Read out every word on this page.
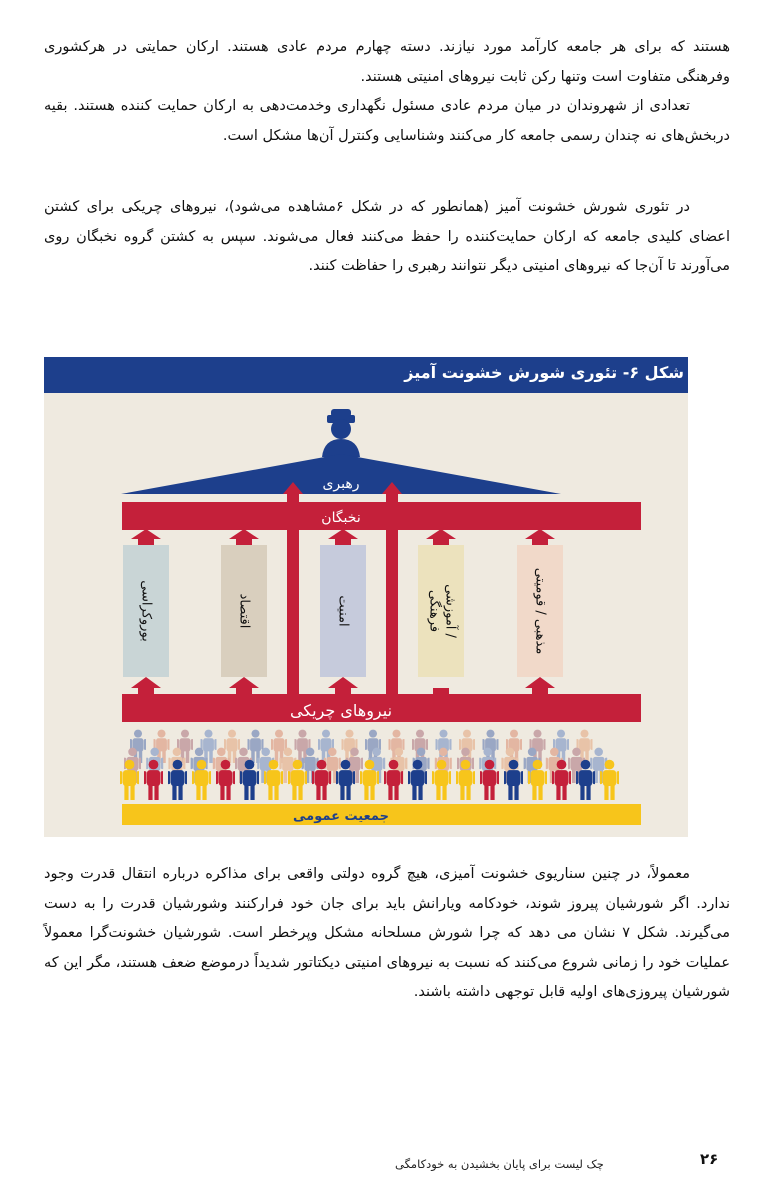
هستند که برای هر جامعه کارآمد مورد نیازند. دسته چهارم مردم عادی هستند. ارکان حمایتی در هرکشوری وفرهنگی متفاوت است وتنها رکن ثابت نیروهای امنیتی هستند.

تعدادی از شهروندان در میان مردم عادی مسئول نگهداری وخدمت‌دهی به ارکان حمایت کننده هستند. بقیه دربخش‌های نه چندان رسمی جامعه کار می‌کنند وشناسایی وکنترل آن‌ها مشکل است.

در تئوری شورش خشونت آمیز (همانطور که در شکل ۶مشاهده می‌شود)، نیروهای چریکی برای کشتن اعضای کلیدی جامعه که ارکان حمایت‌کننده را حفظ می‌کنند فعال می‌شوند. سپس به کشتن گروه نخبگان روی می‌آورند تا آن‌جا که نیروهای امنیتی دیگر نتوانند رهبری را حفاظت کنند.

شکل ۶- تئوری شورش خشونت آمیز
رهبری
نخبگان
نیروهای چریکی
بوروکراسی	اقتصاد	امنیت	فرهنگی آموزشی /	مذهبی / قومیتی
جمعیت عمومی

معمولاً، در چنین سناریوی خشونت آمیزی، هیچ گروه دولتی واقعی برای مذاکره درباره انتقال قدرت وجود ندارد. اگر شورشیان پیروز شوند، خودکامه ویارانش باید برای جان خود فرارکنند وشورشیان قدرت را به دست می‌گیرند. شکل ۷ نشان می دهد که چرا شورش مسلحانه مشکل وپرخطر است. شورشیان خشونت‌گرا معمولاً عملیات خود را زمانی شروع می‌کنند که نسبت به نیروهای امنیتی دیکتاتور شدیداً درموضع ضعف هستند، مگر این که شورشیان پیروزی‌های اولیه قابل توجهی داشته باشند.

۲۶
چک لیست برای پایان بخشیدن به خودکامگی
